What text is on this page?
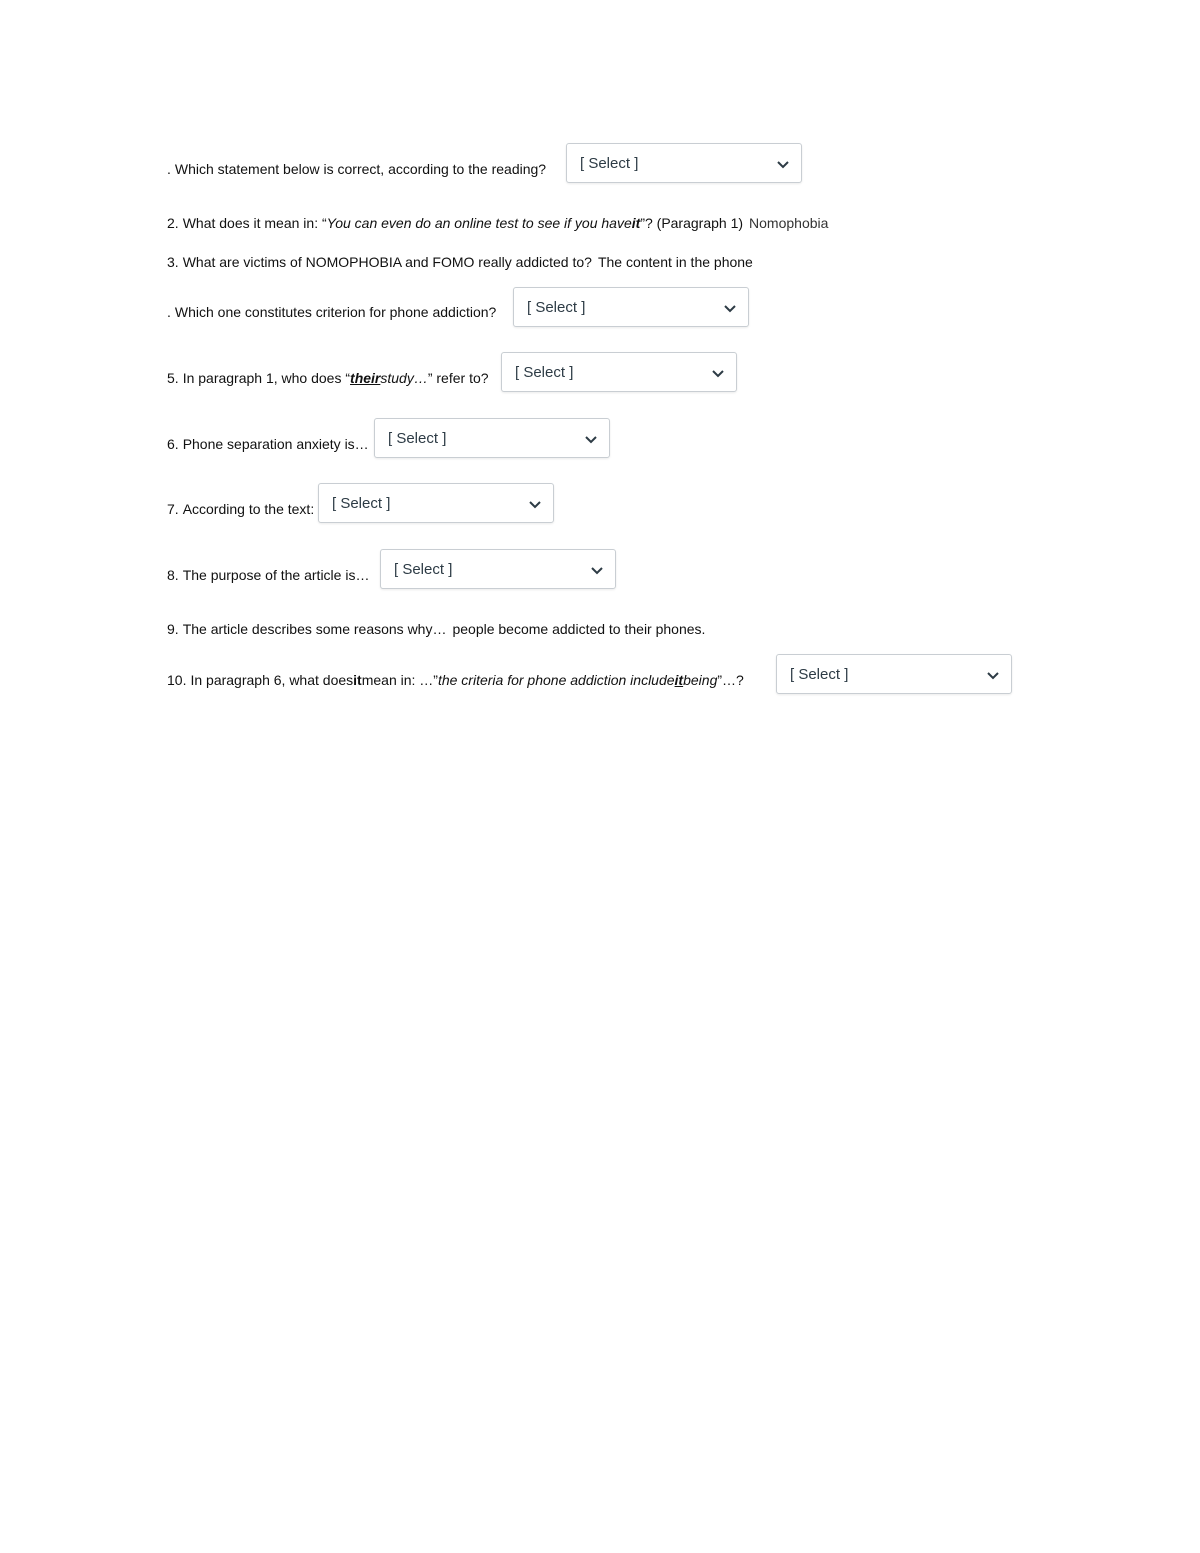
. Which statement below is correct, according to the reading? [ Select ]
2. What does it mean in: “ You can even do an online test to see if you have it ”? (Paragraph 1) Nomophobia
3. What are victims of NOMOPHOBIA and FOMO really addicted to? The content in the phone
. Which one constitutes criterion for phone addiction? [ Select ]
5. In paragraph 1, who does “ their study… ” refer to? [ Select ]
6. Phone separation anxiety is… [ Select ]
7. According to the text: [ Select ]
8. The purpose of the article is… [ Select ]
9. The article describes some reasons why… people become addicted to their phones.
10. In paragraph 6, what does it mean in: …” the criteria for phone addiction include it being ”…?	[ Select ]
